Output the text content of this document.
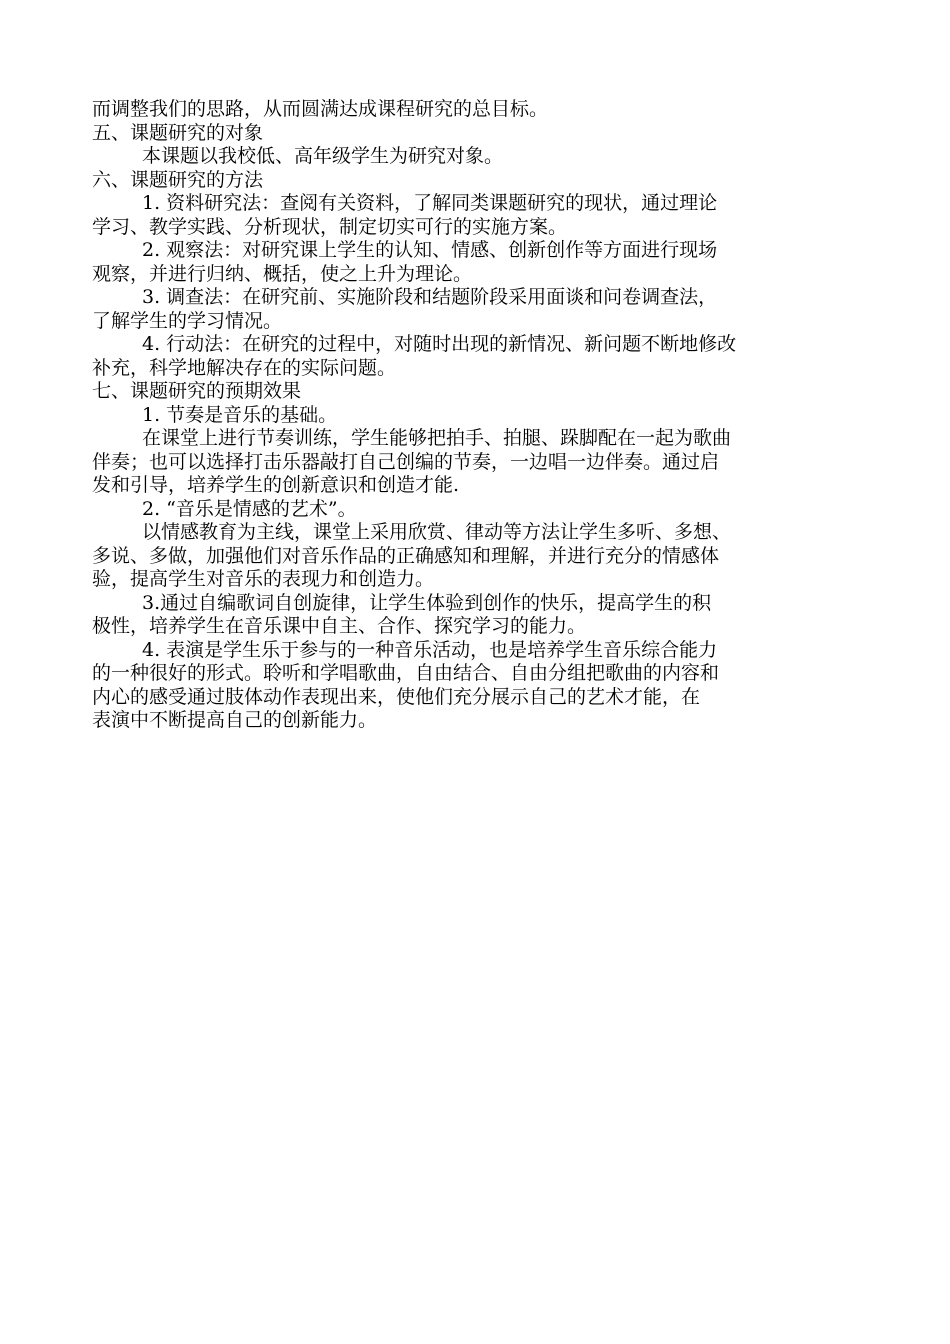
而调整我们的思路，从而圆满达成课程研究的总目标。
五、课题研究的对象
本课题以我校低、高年级学生为研究对象。
六、课题研究的方法
1. 资料研究法：查阅有关资料，了解同类课题研究的现状，通过理论
学习、教学实践、分析现状，制定切实可行的实施方案。
2. 观察法：对研究课上学生的认知、情感、创新创作等方面进行现场
观察，并进行归纳、概括，使之上升为理论。
3. 调查法：在研究前、实施阶段和结题阶段采用面谈和问卷调查法，
了解学生的学习情况。
4. 行动法：在研究的过程中，对随时出现的新情况、新问题不断地修改
补充，科学地解决存在的实际问题。
七、课题研究的预期效果
1. 节奏是音乐的基础。
在课堂上进行节奏训练，学生能够把拍手、拍腿、跺脚配在一起为歌曲
伴奏；也可以选择打击乐器敲打自己创编的节奏，一边唱一边伴奏。通过启
发和引导，培养学生的创新意识和创造才能.
2. “音乐是情感的艺术”。
以情感教育为主线，课堂上采用欣赏、律动等方法让学生多听、多想、
多说、多做，加强他们对音乐作品的正确感知和理解，并进行充分的情感体
验，提高学生对音乐的表现力和创造力。
3.通过自编歌词自创旋律，让学生体验到创作的快乐，提高学生的积
极性，培养学生在音乐课中自主、合作、探究学习的能力。
4. 表演是学生乐于参与的一种音乐活动，也是培养学生音乐综合能力
的一种很好的形式。聆听和学唱歌曲，自由结合、自由分组把歌曲的内容和
内心的感受通过肢体动作表现出来，使他们充分展示自己的艺术才能，在
表演中不断提高自己的创新能力。
